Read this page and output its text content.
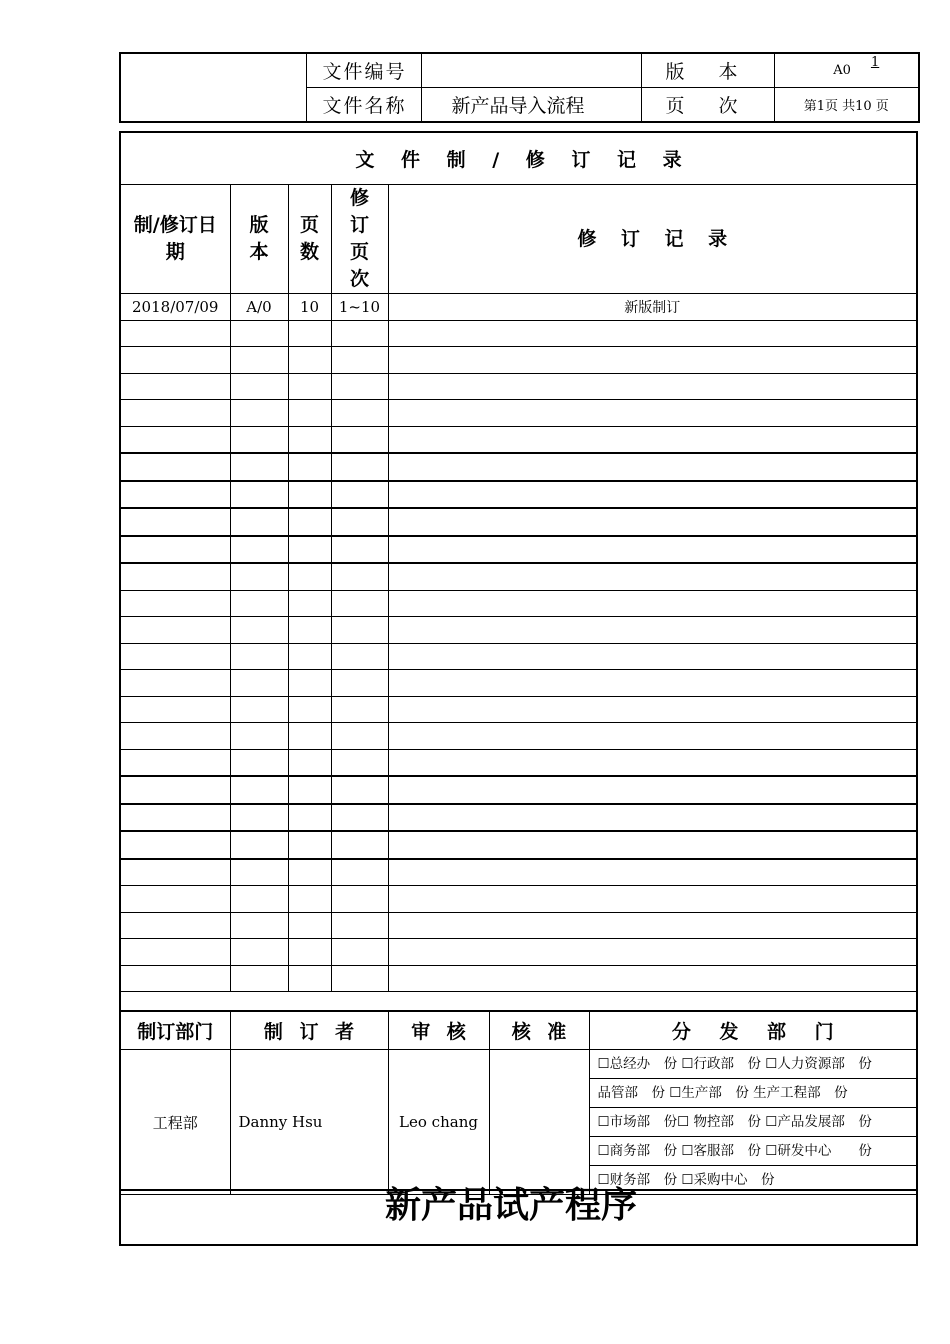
	文件编号		版 本	A01
	文件名称	新产品导入流程	页 次	第1页 共10 页
文 件 制 / 修 订 记 录				
制/修订日期	版本	页数	修订页次	修 订 记 录
2018/07/09	A/0	10	1~10	新版制订

制订部门	制 订 者	审 核	核 准	分 发 部 门
工程部	Danny Hsu	Leo chang		☐总经办　份 ☐行政部　份 ☐人力资源部　份
品管部　份 ☐生产部　份 生产工程部　份
☐市场部　份☐ 物控部　份 ☐产品发展部　份
☐商务部　份 ☐客服部　份 ☐研发中心　　份
☐财务部　份 ☐采购中心　份
新产品试产程序
